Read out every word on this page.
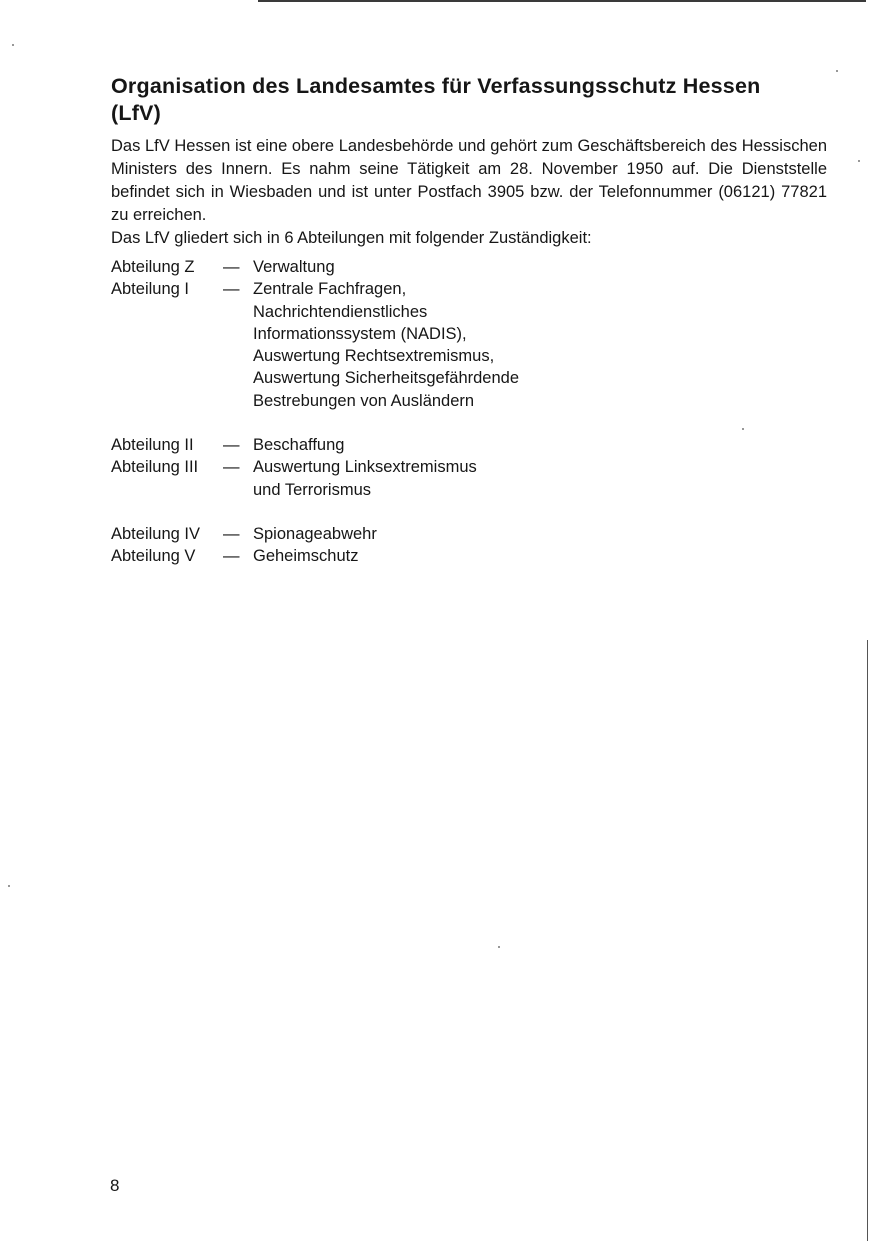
Organisation des Landesamtes für Verfassungsschutz Hessen (LfV)

Das LfV Hessen ist eine obere Landesbehörde und gehört zum Geschäftsbereich des Hessischen Ministers des Innern. Es nahm seine Tätigkeit am 28. November 1950 auf. Die Dienststelle befindet sich in Wiesbaden und ist unter Postfach 3905 bzw. der Telefonnummer (06121) 77821 zu erreichen.

Das LfV gliedert sich in 6 Abteilungen mit folgender Zuständigkeit:

Abteilung Z	— Verwaltung
Abteilung I	— Zentrale Fachfragen,
Nachrichtendienstliches
Informationssystem (NADIS),
Auswertung Rechtsextremismus,
Auswertung Sicherheitsgefährdende
Bestrebungen von Ausländern
Abteilung II	— Beschaffung
Abteilung III	— Auswertung Linksextremismus
und Terrorismus
Abteilung IV	— Spionageabwehr
Abteilung V	— Geheimschutz
8
